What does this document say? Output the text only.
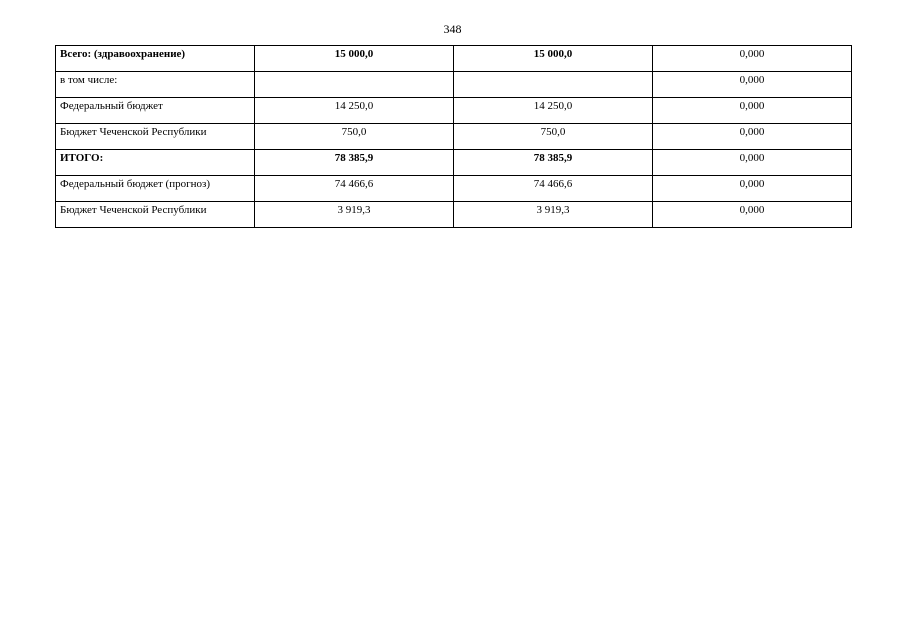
348
Всего: (здравоохранение)	15 000,0	15 000,0	0,000
в том числе:			0,000
Федеральный бюджет	14 250,0	14 250,0	0,000
Бюджет Чеченской Республики	750,0	750,0	0,000
ИТОГО:	78 385,9	78 385,9	0,000
Федеральный бюджет (прогноз)	74 466,6	74 466,6	0,000
Бюджет Чеченской Республики	3 919,3	3 919,3	0,000
